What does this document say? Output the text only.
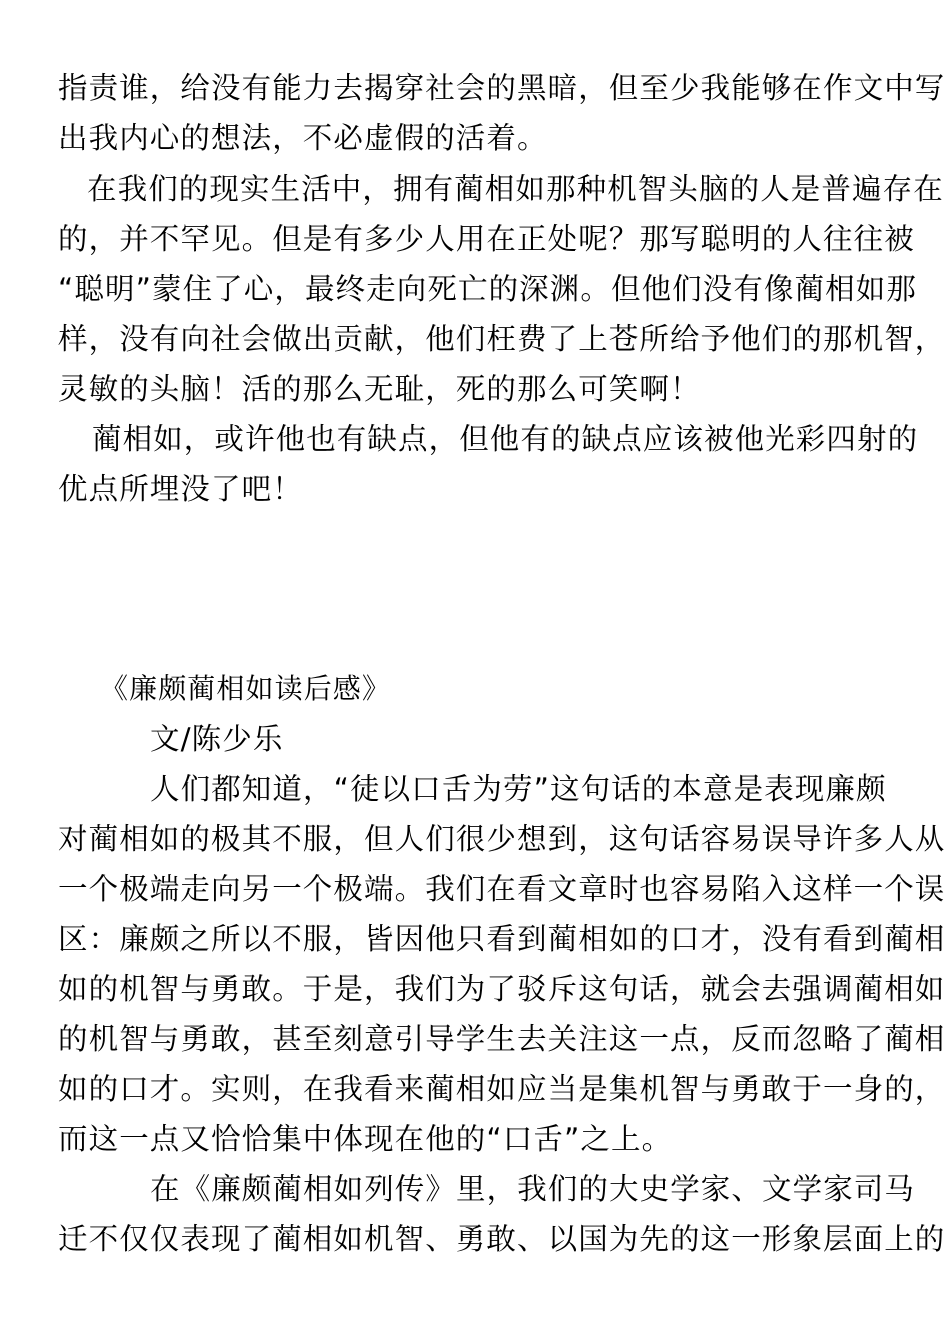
指责谁，给没有能力去揭穿社会的黑暗，但至少我能够在作文中写

出我内心的想法，不必虚假的活着。

在我们的现实生活中，拥有蔺相如那种机智头脑的人是普遍存在

的，并不罕见。但是有多少人用在正处呢？那写聪明的人往往被

“聪明”蒙住了心，最终走向死亡的深渊。但他们没有像蔺相如那

样，没有向社会做出贡献，他们枉费了上苍所给予他们的那机智，

灵敏的头脑！活的那么无耻，死的那么可笑啊！

蔺相如，或许他也有缺点，但他有的缺点应该被他光彩四射的

优点所埋没了吧！

《廉颇蔺相如读后感》

文/陈少乐

人们都知道，“徒以口舌为劳”这句话的本意是表现廉颇

对蔺相如的极其不服，但人们很少想到，这句话容易误导许多人从

一个极端走向另一个极端。我们在看文章时也容易陷入这样一个误

区：廉颇之所以不服，皆因他只看到蔺相如的口才，没有看到蔺相

如的机智与勇敢。于是，我们为了驳斥这句话，就会去强调蔺相如

的机智与勇敢，甚至刻意引导学生去关注这一点，反而忽略了蔺相

如的口才。实则，在我看来蔺相如应当是集机智与勇敢于一身的，

而这一点又恰恰集中体现在他的“口舌”之上。

在《廉颇蔺相如列传》里，我们的大史学家、文学家司马

迁不仅仅表现了蔺相如机智、勇敢、以国为先的这一形象层面上的
